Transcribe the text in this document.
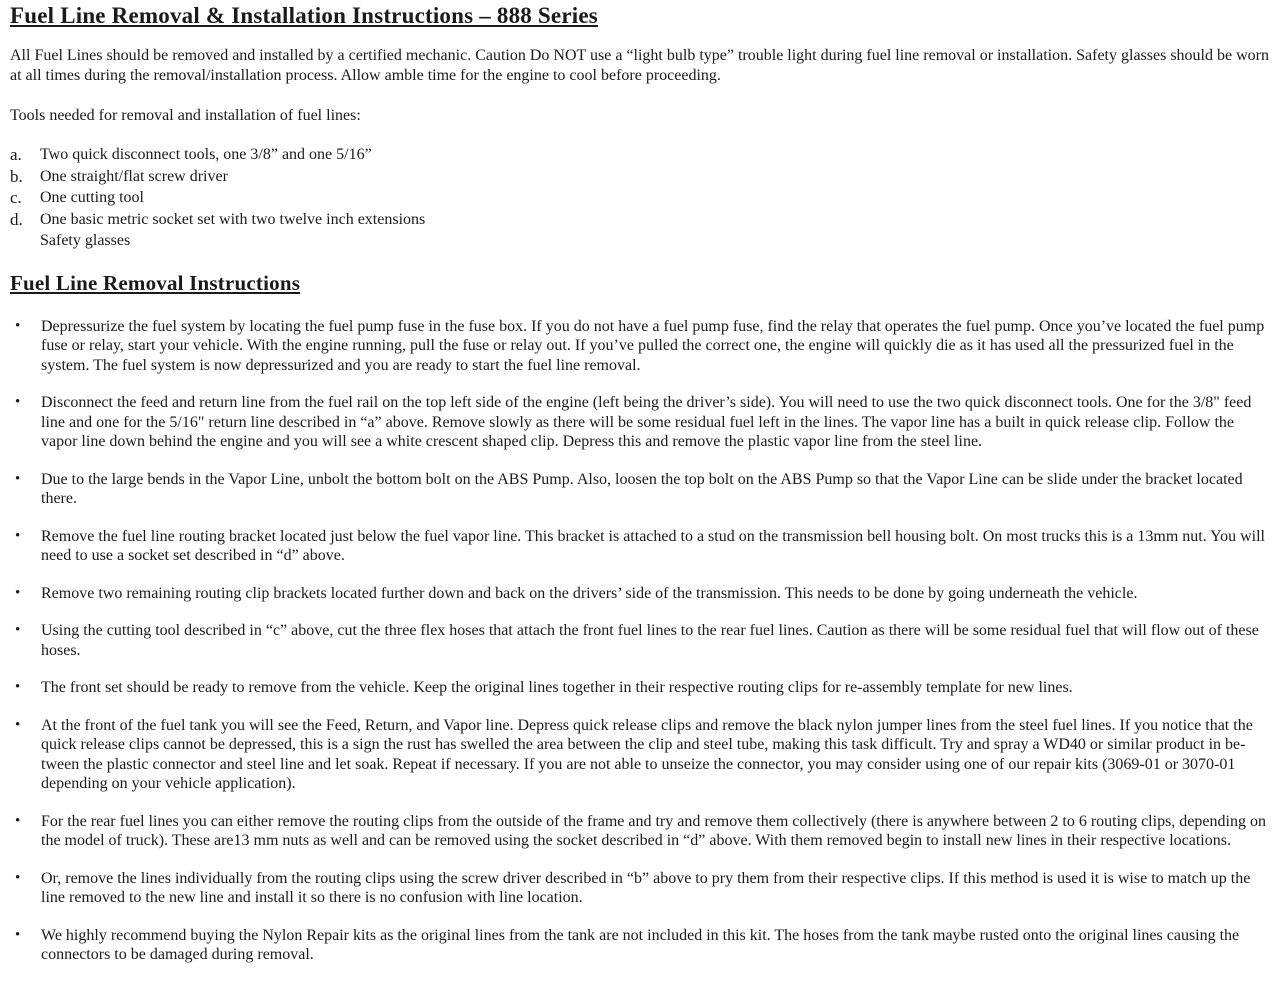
Fuel Line Removal & Installation Instructions – 888 Series

All Fuel Lines should be removed and installed by a certified mechanic. Caution Do NOT use a “light bulb type” trouble light during fuel line removal or installation. Safety glasses should be worn at all times during the removal/installation process. Allow amble time for the engine to cool before proceeding.

Tools needed for removal and installation of fuel lines:

a.	Two quick disconnect tools, one 3/8” and one 5/16”
b.	One straight/flat screw driver
c.	One cutting tool
d.	One basic metric socket set with two twelve inch extensions
Safety glasses
Fuel Line Removal Instructions
•	Depressurize the fuel system by locating the fuel pump fuse in the fuse box. If you do not have a fuel pump fuse, find the relay that operates the fuel pump. Once you’ve located the fuel pump fuse or relay, start your vehicle. With the engine running, pull the fuse or relay out. If you’ve pulled the correct one, the engine will quickly die as it has used all the pressurized fuel in the system. The fuel system is now depressurized and you are ready to start the fuel line removal.
•	Disconnect the feed and return line from the fuel rail on the top left side of the engine (left being the driver’s side). You will need to use the two quick disconnect tools. One for the 3/8" feed line and one for the 5/16" return line described in “a” above. Remove slowly as there will be some residual fuel left in the lines. The vapor line has a built in quick release clip. Follow the vapor line down behind the engine and you will see a white crescent shaped clip. Depress this and remove the plastic vapor line from the steel line.
•	Due to the large bends in the Vapor Line, unbolt the bottom bolt on the ABS Pump. Also, loosen the top bolt on the ABS Pump so that the Vapor Line can be slide under the bracket located there.
•	Remove the fuel line routing bracket located just below the fuel vapor line. This bracket is attached to a stud on the transmission bell housing bolt. On most trucks this is a 13mm nut. You will need to use a socket set described in “d” above.
•	Remove two remaining routing clip brackets located further down and back on the drivers’ side of the transmission. This needs to be done by going underneath the vehicle.
•	Using the cutting tool described in “c” above, cut the three flex hoses that attach the front fuel lines to the rear fuel lines. Caution as there will be some residual fuel that will flow out of these hoses.
•	The front set should be ready to remove from the vehicle. Keep the original lines together in their respective routing clips for re-assembly template for new lines.
•	At the front of the fuel tank you will see the Feed, Return, and Vapor line. Depress quick release clips and remove the black nylon jumper lines from the steel fuel lines. If you notice that the quick release clips cannot be depressed, this is a sign the rust has swelled the area between the clip and steel tube, making this task difficult. Try and spray a WD40 or similar product in be-tween the plastic connector and steel line and let soak. Repeat if necessary. If you are not able to unseize the connector, you may consider using one of our repair kits (3069-01 or 3070-01 depending on your vehicle application).
•	For the rear fuel lines you can either remove the routing clips from the outside of the frame and try and remove them collectively (there is anywhere between 2 to 6 routing clips, depending on the model of truck). These are13 mm nuts as well and can be removed using the socket described in “d” above. With them removed begin to install new lines in their respective locations.
•	Or, remove the lines individually from the routing clips using the screw driver described in “b” above to pry them from their respective clips. If this method is used it is wise to match up the line removed to the new line and install it so there is no confusion with line location.
•	We highly recommend buying the Nylon Repair kits as the original lines from the tank are not included in this kit. The hoses from the tank maybe rusted onto the original lines causing the connectors to be damaged during removal.
